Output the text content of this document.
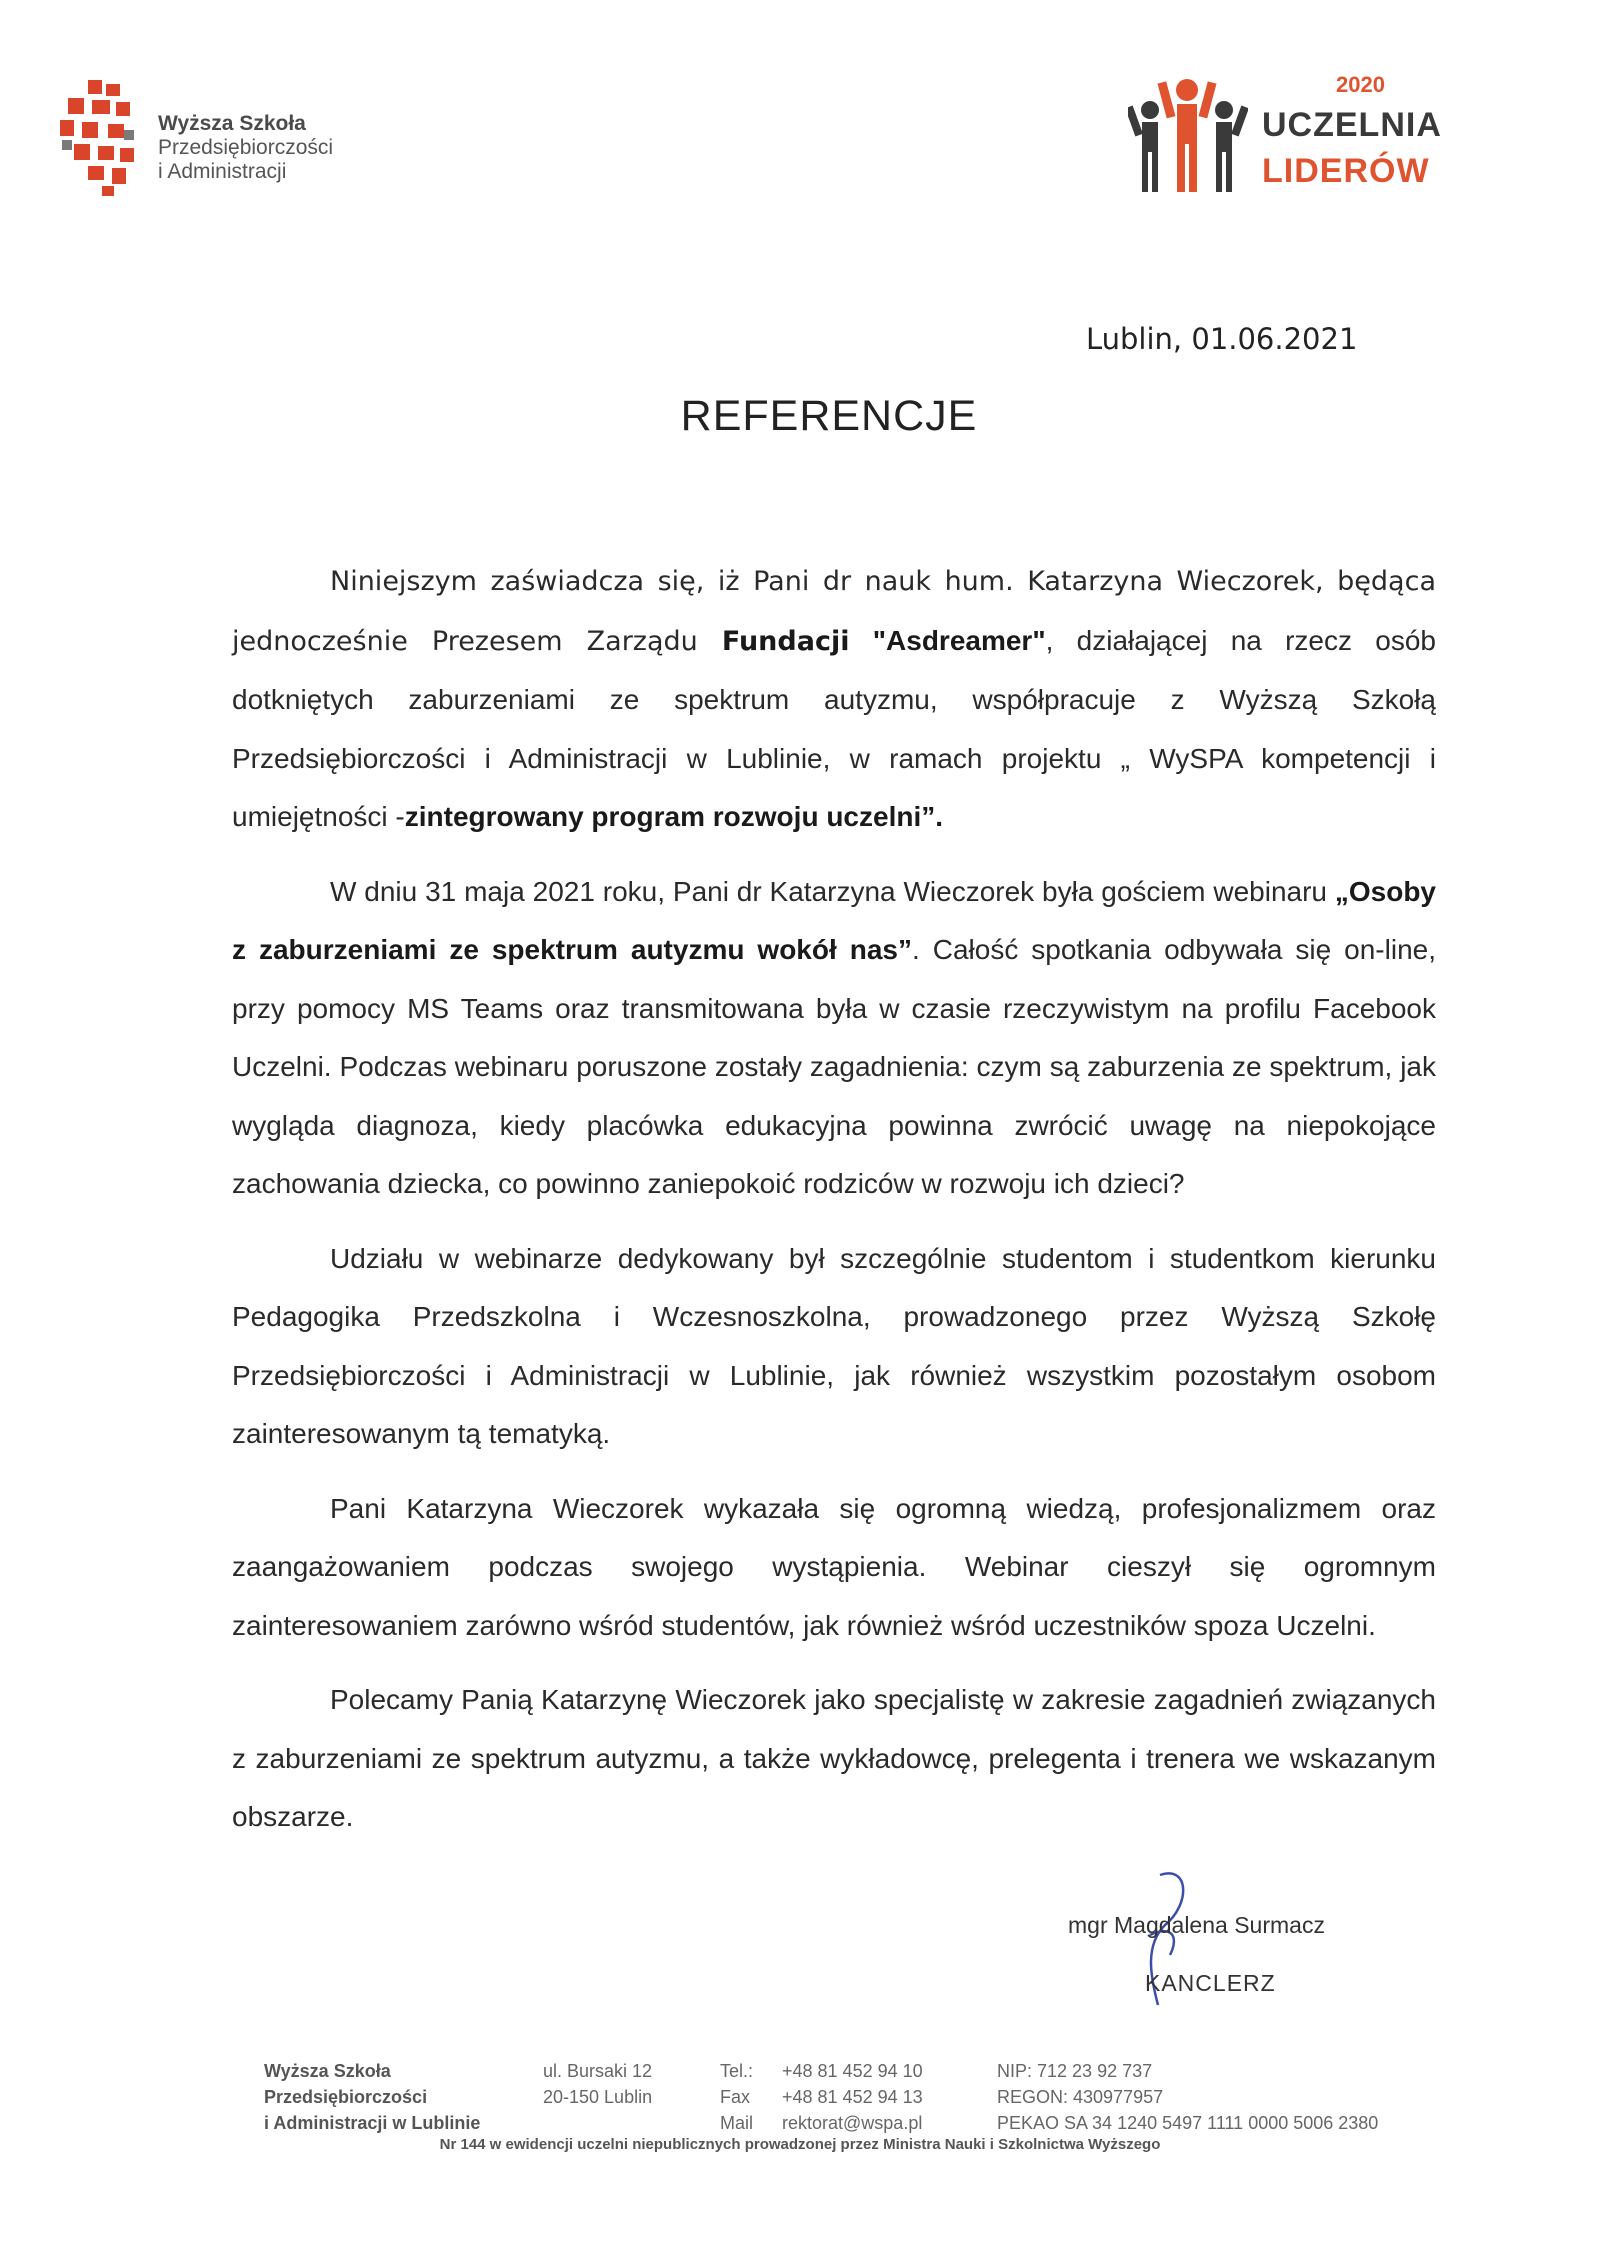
Wyższa Szkoła
Przedsiębiorczości
i Administracji
2020
UCZELNIA
LIDERÓW
Lublin, 01.06.2021
REFERENCJE

Niniejszym zaświadcza się, iż Pani dr nauk hum. Katarzyna Wieczorek, będąca jednocześnie Prezesem Zarządu Fundacji "Asdreamer", działającej na rzecz osób dotkniętych zaburzeniami ze spektrum autyzmu, współpracuje z Wyższą Szkołą Przedsiębiorczości i Administracji w Lublinie, w ramach projektu „ WySPA kompetencji i umiejętności -zintegrowany program rozwoju uczelni”.

W dniu 31 maja 2021 roku, Pani dr Katarzyna Wieczorek była gościem webinaru „Osoby z zaburzeniami ze spektrum autyzmu wokół nas”. Całość spotkania odbywała się on-line, przy pomocy MS Teams oraz transmitowana była w czasie rzeczywistym na profilu Facebook Uczelni. Podczas webinaru poruszone zostały zagadnienia: czym są zaburzenia ze spektrum, jak wygląda diagnoza, kiedy placówka edukacyjna powinna zwrócić uwagę na niepokojące zachowania dziecka, co powinno zaniepokoić rodziców w rozwoju ich dzieci?

Udziału w webinarze dedykowany był szczególnie studentom i studentkom kierunku Pedagogika Przedszkolna i Wczesnoszkolna, prowadzonego przez Wyższą Szkołę Przedsiębiorczości i Administracji w Lublinie, jak również wszystkim pozostałym osobom zainteresowanym tą tematyką.

Pani Katarzyna Wieczorek wykazała się ogromną wiedzą, profesjonalizmem oraz zaangażowaniem podczas swojego wystąpienia. Webinar cieszył się ogromnym zainteresowaniem zarówno wśród studentów, jak również wśród uczestników spoza Uczelni.

Polecamy Panią Katarzynę Wieczorek jako specjalistę w zakresie zagadnień związanych z zaburzeniami ze spektrum autyzmu, a także wykładowcę, prelegenta i trenera we wskazanym obszarze.

mgr Magdalena Surmacz
KANCLERZ
Wyższa Szkoła
Przedsiębiorczości
i Administracji w Lublinie
ul. Bursaki 12
20-150 Lublin
Tel.:
Fax
Mail
+48 81 452 94 10
+48 81 452 94 13
rektorat@wspa.pl
NIP: 712 23 92 737
REGON: 430977957
PEKAO SA 34 1240 5497 1111 0000 5006 2380
Nr 144 w ewidencji uczelni niepublicznych prowadzonej przez Ministra Nauki i Szkolnictwa Wyższego
